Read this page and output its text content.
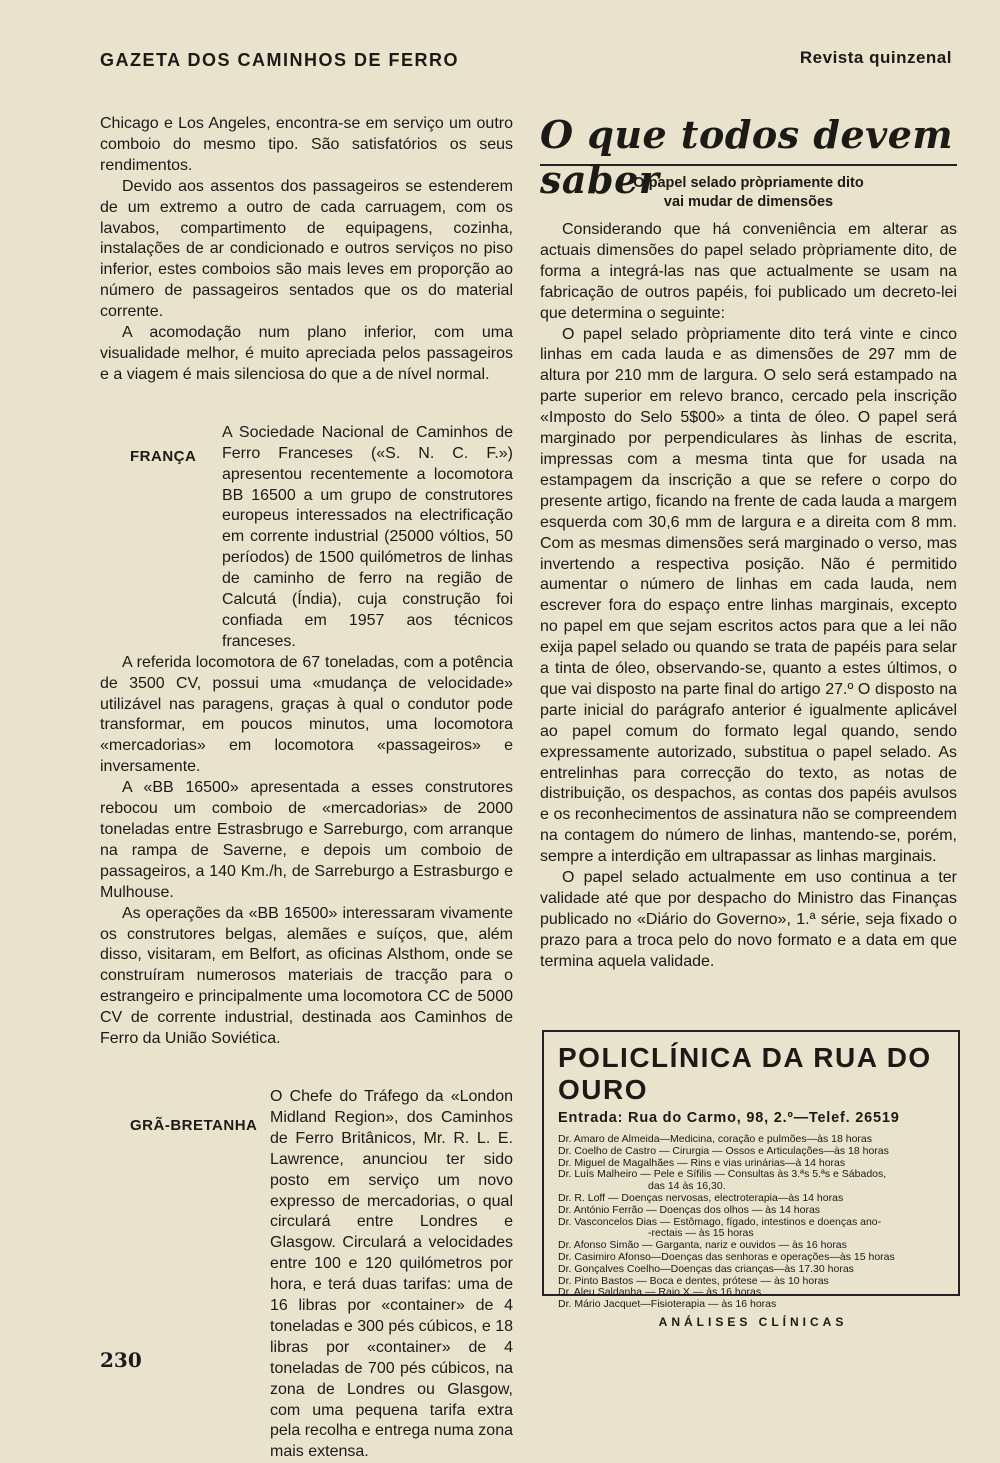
GAZETA DOS CAMINHOS DE FERRO	Revista quinzenal

Chicago e Los Angeles, encontra-se em serviço um outro comboio do mesmo tipo. São satisfatórios os seus rendimentos.

Devido aos assentos dos passageiros se estenderem de um extremo a outro de cada carruagem, com os lavabos, compartimento de equipagens, cozinha, instalações de ar condicionado e outros serviços no piso inferior, estes comboios são mais leves em proporção ao número de passageiros sentados que os do material corrente.

A acomodação num plano inferior, com uma visualidade melhor, é muito apreciada pelos passageiros e a viagem é mais silenciosa do que a de nível normal.

FRANÇA

A Sociedade Nacional de Caminhos de Ferro Franceses («S. N. C. F.») apresentou recentemente a locomotora BB 16500 a um grupo de construtores europeus interessados na electrificação em corrente industrial (25000 vóltios, 50 períodos) de 1500 quilómetros de linhas de caminho de ferro na região de Calcutá (Índia), cuja construção foi confiada em 1957 aos técnicos franceses.

A referida locomotora de 67 toneladas, com a potência de 3500 CV, possui uma «mudança de velocidade» utilizável nas paragens, graças à qual o condutor pode transformar, em poucos minutos, uma locomotora «mercadorias» em locomotora «passageiros» e inversamente.

A «BB 16500» apresentada a esses construtores rebocou um comboio de «mercadorias» de 2000 toneladas entre Estrasbrugo e Sarreburgo, com arranque na rampa de Saverne, e depois um comboio de passageiros, a 140 Km./h, de Sarreburgo a Estrasburgo e Mulhouse.

As operações da «BB 16500» interessaram vivamente os construtores belgas, alemães e suíços, que, além disso, visitaram, em Belfort, as oficinas Alsthom, onde se construíram numerosos materiais de tracção para o estrangeiro e principalmente uma locomotora CC de 5000 CV de corrente industrial, destinada aos Caminhos de Ferro da União Soviética.

GRÃ-BRETANHA

O Chefe do Tráfego da «London Midland Region», dos Caminhos de Ferro Britânicos, Mr. R. L. E. Lawrence, anunciou ter sido posto em serviço um novo expresso de mercadorias, o qual circulará entre Londres e Glasgow. Circulará a velocidades entre 100 e 120 quilómetros por hora, e terá duas tarifas: uma de 16 libras por «container» de 4 toneladas e 300 pés cúbicos, e 18 libras por «container» de 4 toneladas de 700 pés cúbicos, na zona de Londres ou Glasgow, com uma pequena tarifa extra pela recolha e entrega numa zona mais extensa.

O que todos devem saber
O papel selado pròpriamente dito
vai mudar de dimensões

Considerando que há conveniência em alterar as actuais dimensões do papel selado pròpriamente dito, de forma a integrá-las nas que actualmente se usam na fabricação de outros papéis, foi publicado um decreto-lei que determina o seguinte:

O papel selado pròpriamente dito terá vinte e cinco linhas em cada lauda e as dimensões de 297 mm de altura por 210 mm de largura. O selo será estampado na parte superior em relevo branco, cercado pela inscrição «Imposto do Selo 5$00» a tinta de óleo. O papel será marginado por perpendiculares às linhas de escrita, impressas com a mesma tinta que for usada na estampagem da inscrição a que se refere o corpo do presente artigo, ficando na frente de cada lauda a margem esquerda com 30,6 mm de largura e a direita com 8 mm. Com as mesmas dimensões será marginado o verso, mas invertendo a respectiva posição. Não é permitido aumentar o número de linhas em cada lauda, nem escrever fora do espaço entre linhas marginais, excepto no papel em que sejam escritos actos para que a lei não exija papel selado ou quando se trata de papéis para selar a tinta de óleo, observando-se, quanto a estes últimos, o que vai disposto na parte final do artigo 27.º O disposto na parte inicial do parágrafo anterior é igualmente aplicável ao papel comum do formato legal quando, sendo expressamente autorizado, substitua o papel selado. As entrelinhas para correcção do texto, as notas de distribuição, os despachos, as contas dos papéis avulsos e os reconhecimentos de assinatura não se compreendem na contagem do número de linhas, mantendo-se, porém, sempre a interdição em ultrapassar as linhas marginais.

O papel selado actualmente em uso continua a ter validade até que por despacho do Ministro das Finanças publicado no «Diário do Governo», 1.ª série, seja fixado o prazo para a troca pelo do novo formato e a data em que termina aquela validade.

POLICLÍNICA DA RUA DO OURO
Entrada: Rua do Carmo, 98, 2.º—Telef. 26519
Dr. Amaro de Almeida—Medicina, coração e pulmões—às 18 horas
Dr. Coelho de Castro — Cirurgia — Ossos e Articulações—às 18 horas
Dr. Miguel de Magalhães — Rins e vias urinárias—à 14 horas
Dr. Luís Malheiro — Pele e Sífilis — Consultas às 3.ªs 5.ªs e Sábados,
das 14 às 16,30.
Dr. R. Loff — Doenças nervosas, electroterapia—às 14 horas
Dr. António Ferrão — Doenças dos olhos — às 14 horas
Dr. Vasconcelos Dias — Estômago, fígado, intestinos e doenças ano-
-rectais — às 15 horas
Dr. Afonso Simão — Garganta, nariz e ouvidos — às 16 horas
Dr. Casimiro Afonso—Doenças das senhoras e operações—às 15 horas
Dr. Gonçalves Coelho—Doenças das crianças—às 17.30 horas
Dr. Pinto Bastos — Boca e dentes, prótese — às 10 horas
Dr. Aleu Saldanha — Raio X — às 16 horas
Dr. Mário Jacquet—Fisioterapia — às 16 horas
ANÁLISES CLÍNICAS
230
